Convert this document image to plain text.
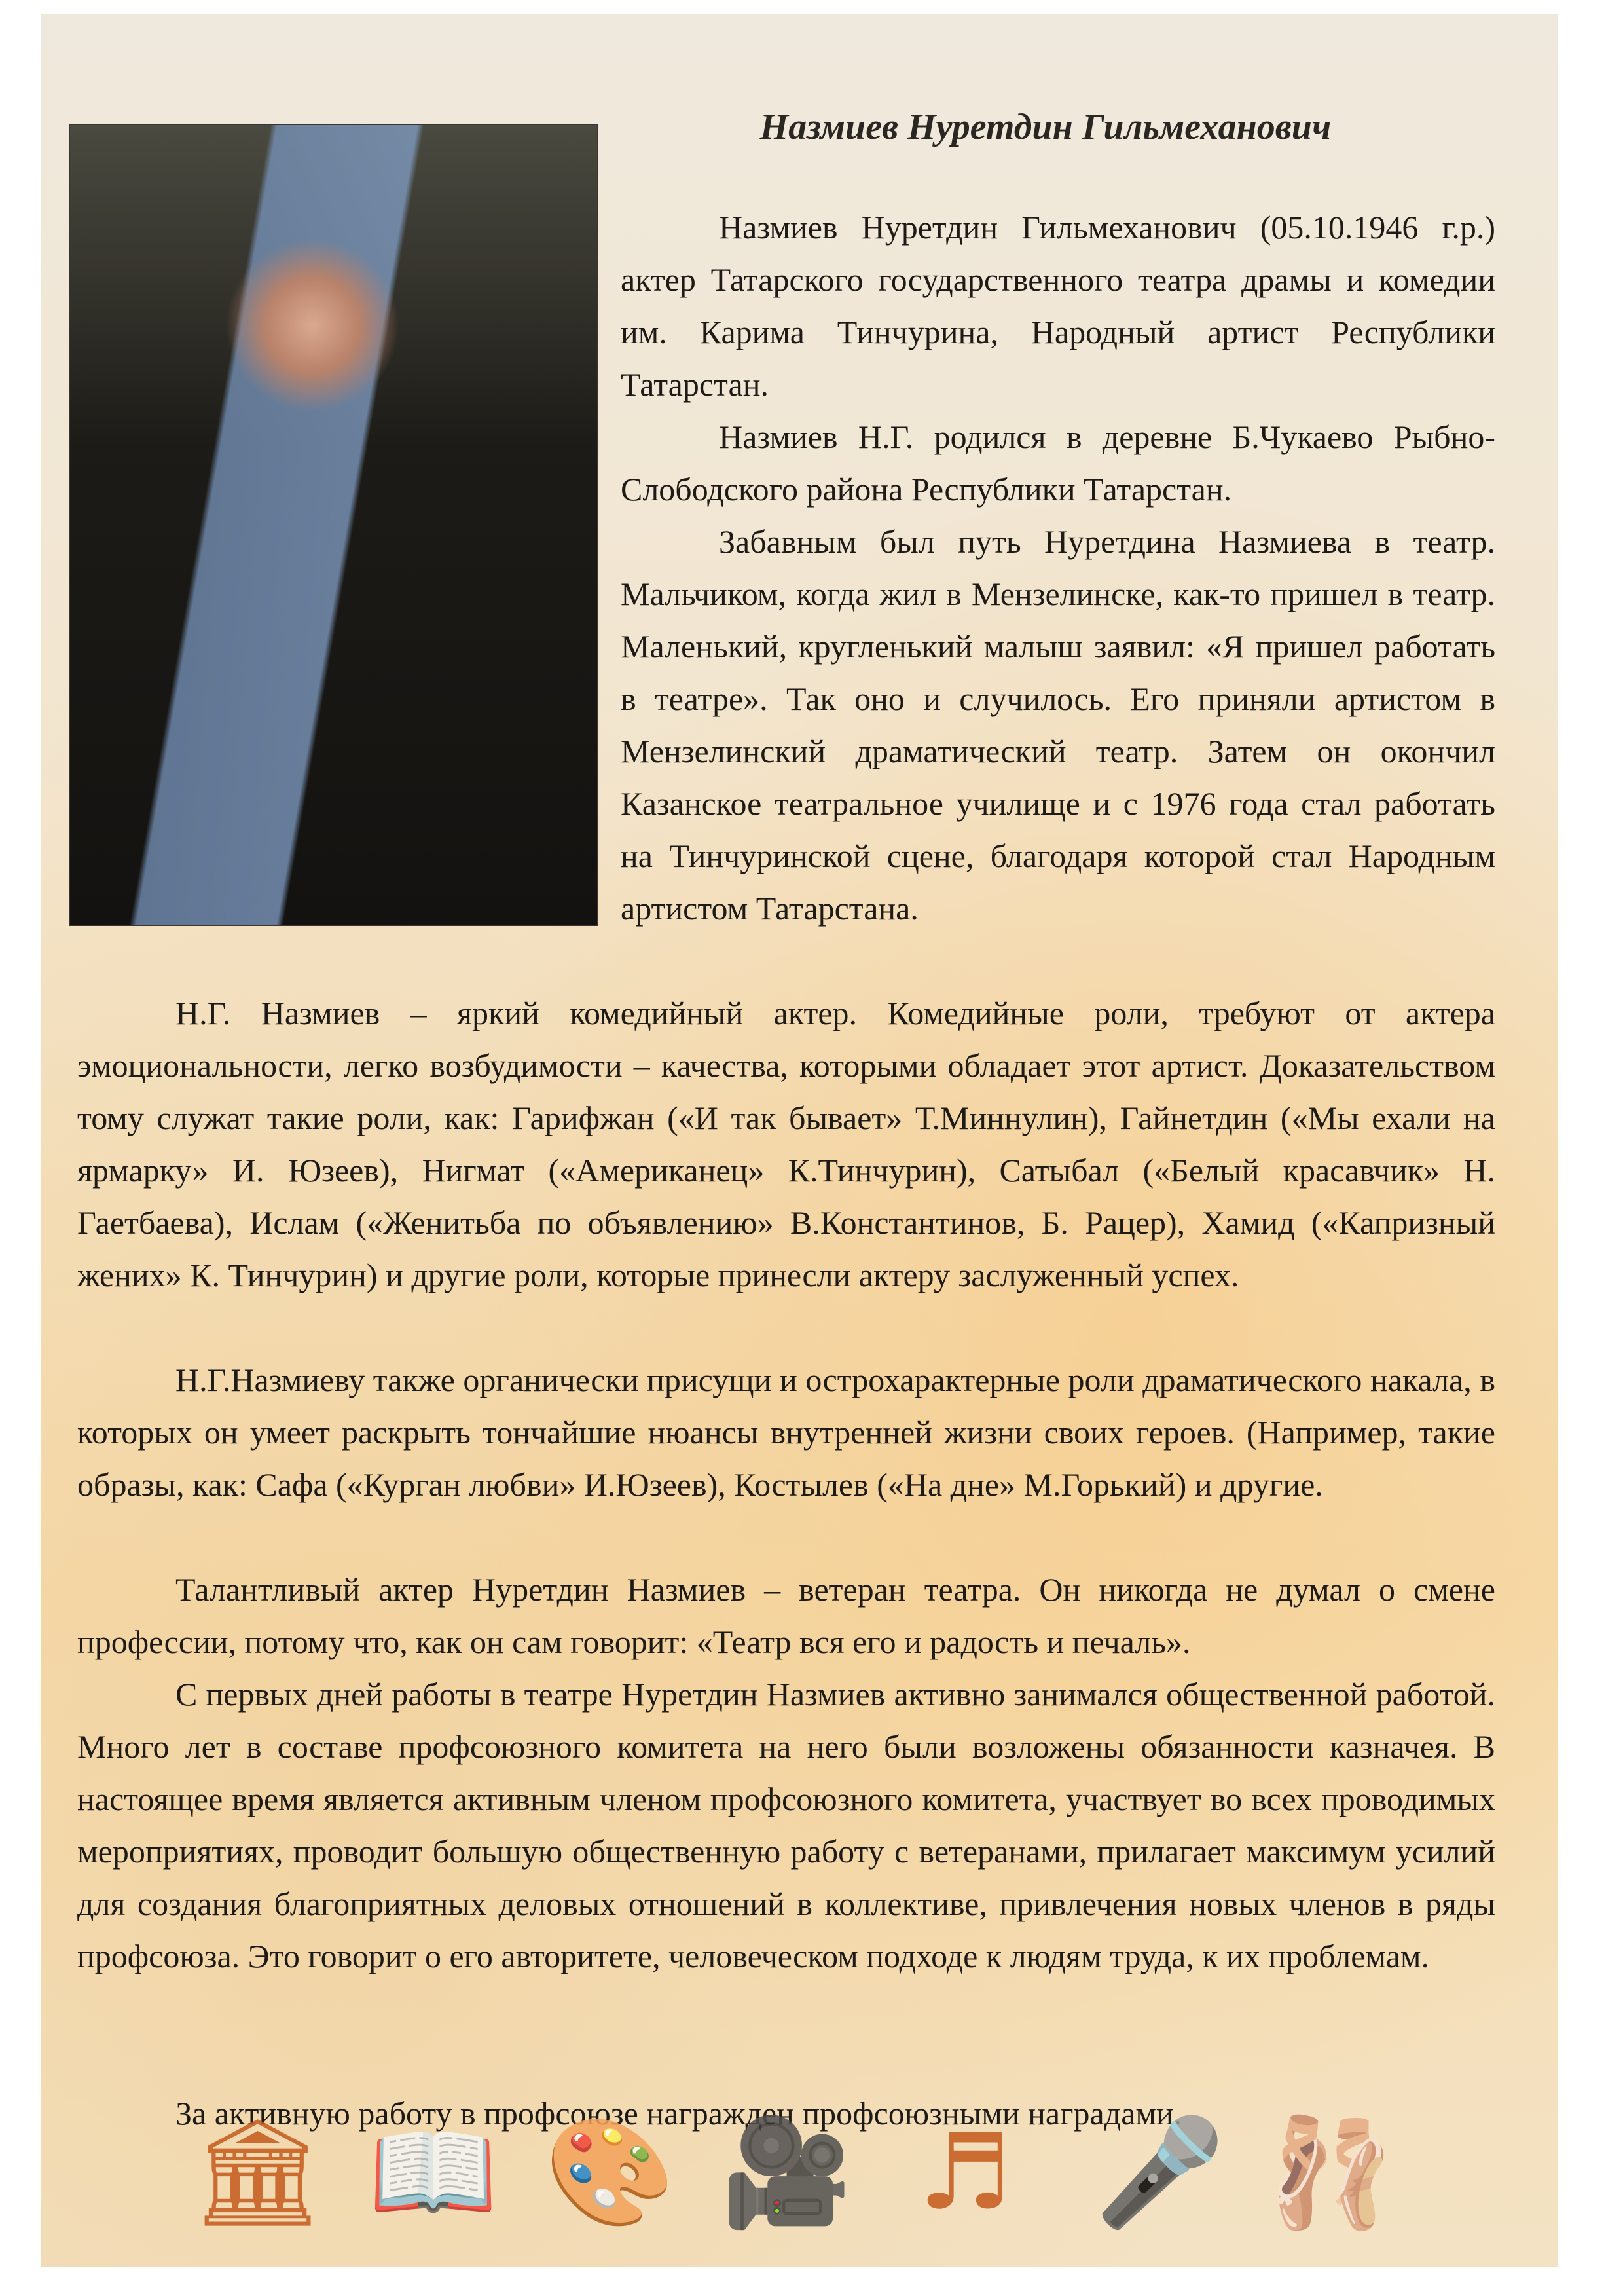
Назмиев Нуретдин Гильмеханович

Назмиев Нуретдин Гильмеханович (05.10.1946 г.р.) актер Татарского государственного театра драмы и комедии им. Карима Тинчурина, Народный артист Республики Татарстан.

Назмиев Н.Г. родился в деревне Б.Чукаево Рыбно-Слободского района Республики Татарстан.

Забавным был путь Нуретдина Назмиева в театр. Мальчиком, когда жил в Мензелинске, как-то пришел в театр. Маленький, кругленький малыш заявил: «Я пришел работать в театре». Так оно и случилось. Его приняли артистом в Мензелинский драматический театр. Затем он окончил Казанское театральное училище и с 1976 года стал работать на Тинчуринской сцене, благодаря которой стал Народным артистом Татарстана.

Н.Г. Назмиев – яркий комедийный актер. Комедийные роли, требуют от актера эмоциональности, легко возбудимости – качества, которыми обладает этот артист. Доказательством тому служат такие роли, как: Гарифжан («И так бывает» Т.Миннулин), Гайнетдин («Мы ехали на ярмарку» И. Юзеев), Нигмат («Американец» К.Тинчурин), Сатыбал («Белый красавчик» Н. Гаетбаева), Ислам («Женитьба по объявлению» В.Константинов, Б. Рацер), Хамид («Капризный жених» К. Тинчурин) и другие роли, которые принесли актеру заслуженный успех.

Н.Г.Назмиеву также органически присущи и острохарактерные роли драматического накала, в которых он умеет раскрыть тончайшие нюансы внутренней жизни своих героев. (Например, такие образы, как: Сафа («Курган любви» И.Юзеев), Костылев («На дне» М.Горький) и другие.

Талантливый актер Нуретдин Назмиев – ветеран театра. Он никогда не думал о смене профессии, потому что, как он сам говорит: «Театр вся его и радость и печаль».

С первых дней работы в театре Нуретдин Назмиев активно занимался общественной работой. Много лет в составе профсоюзного комитета на него были возложены обязанности казначея. В настоящее время является активным членом профсоюзного комитета, участвует во всех проводимых мероприятиях, проводит большую общественную работу с ветеранами, прилагает максимум усилий для создания благоприятных деловых отношений в коллективе, привлечения новых членов в ряды профсоюза. Это говорит о его авторитете, человеческом подходе к людям труда, к их проблемам.

За активную работу в профсоюзе награжден профсоюзными наградами.

🏛 📖 🎨 🎥 ♬ 🎤 🩰
